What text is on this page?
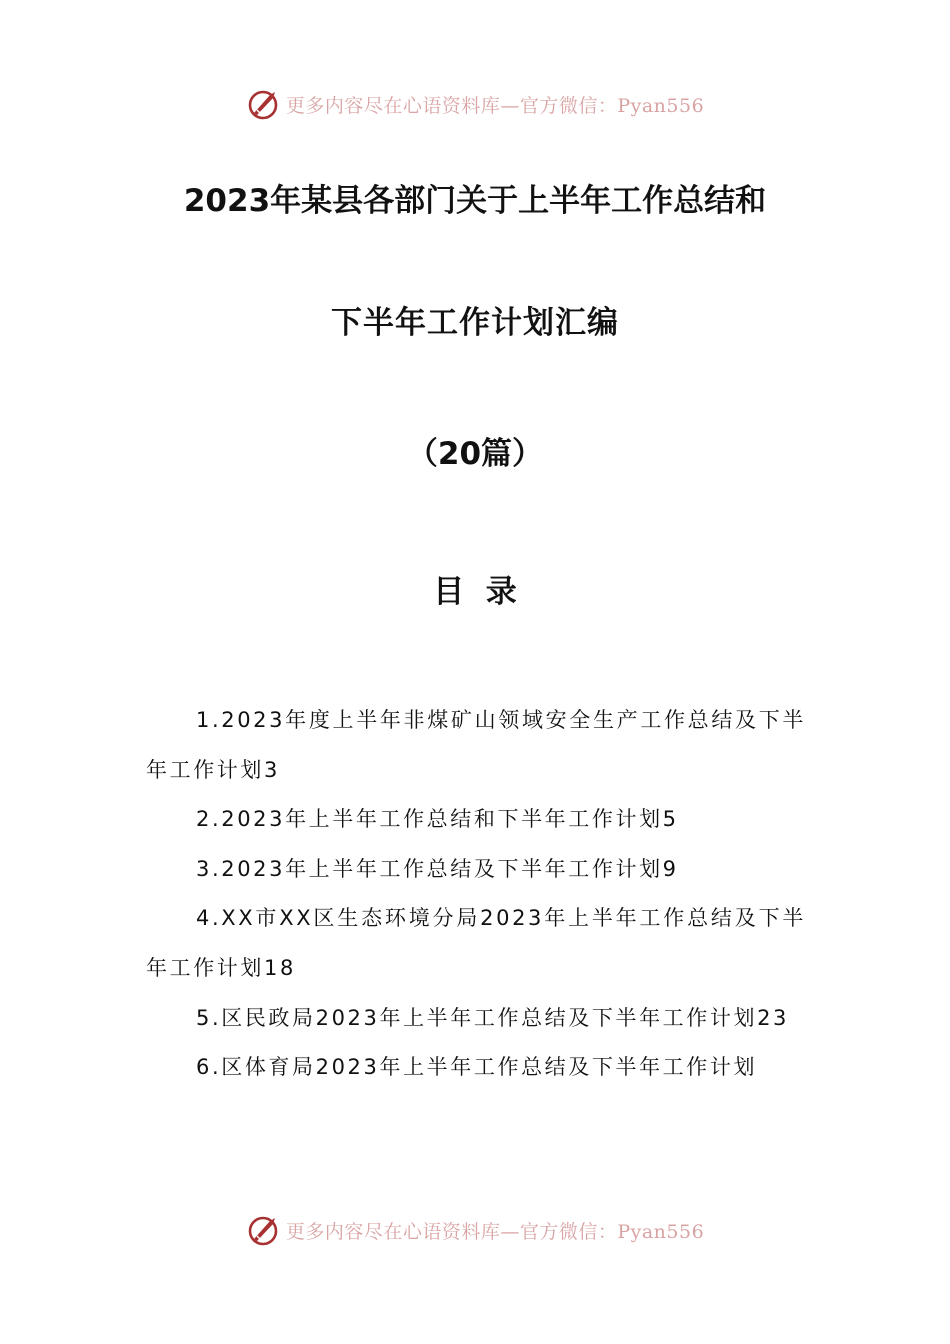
更多内容尽在心语资料库—官方微信：Pyan556
2023年某县各部门关于上半年工作总结和
下半年工作计划汇编
（20篇）
目  录
1.2023年度上半年非煤矿山领域安全生产工作总结及下半年工作计划3
2.2023年上半年工作总结和下半年工作计划5
3.2023年上半年工作总结及下半年工作计划9
4.XX市XX区生态环境分局2023年上半年工作总结及下半年工作计划18
5.区民政局2023年上半年工作总结及下半年工作计划23
6.区体育局2023年上半年工作总结及下半年工作计划
更多内容尽在心语资料库—官方微信：Pyan556
